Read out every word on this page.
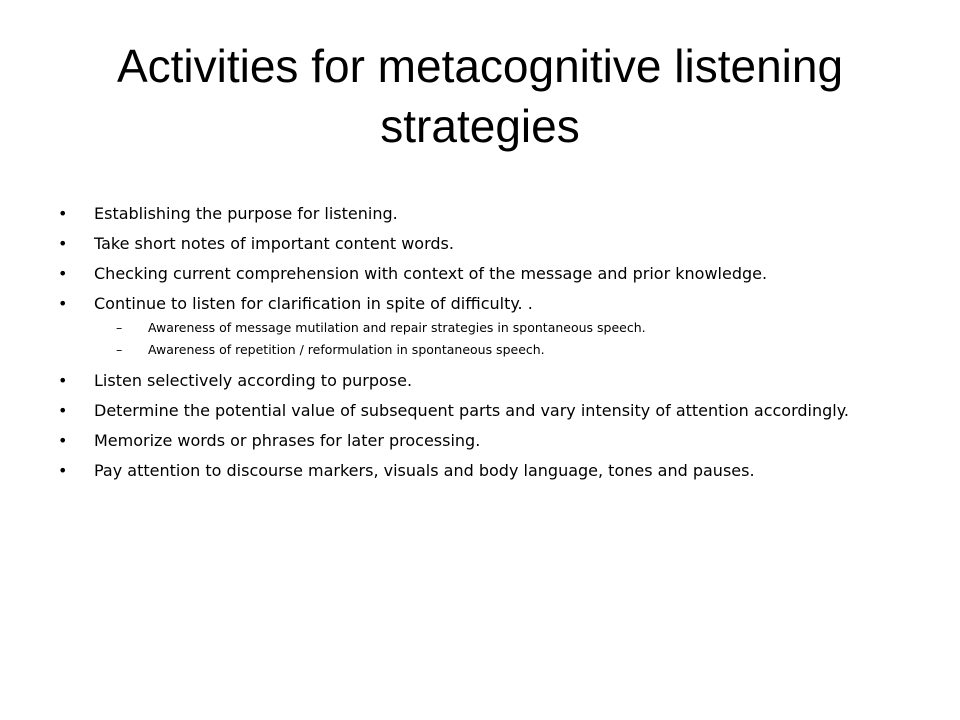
Activities for metacognitive listening
strategies
• Establishing the purpose for listening.
• Take short notes of important content words.
• Checking current comprehension with context of the message and prior knowledge.
• Continue to listen for clarification in spite of difficulty. .
– Awareness of message mutilation and repair strategies in spontaneous speech.
– Awareness of repetition / reformulation in spontaneous speech.
• Listen selectively according to purpose.
• Determine the potential value of subsequent parts and vary intensity of attention accordingly.
• Memorize words or phrases for later processing.
• Pay attention to discourse markers, visuals and body language, tones and pauses.
